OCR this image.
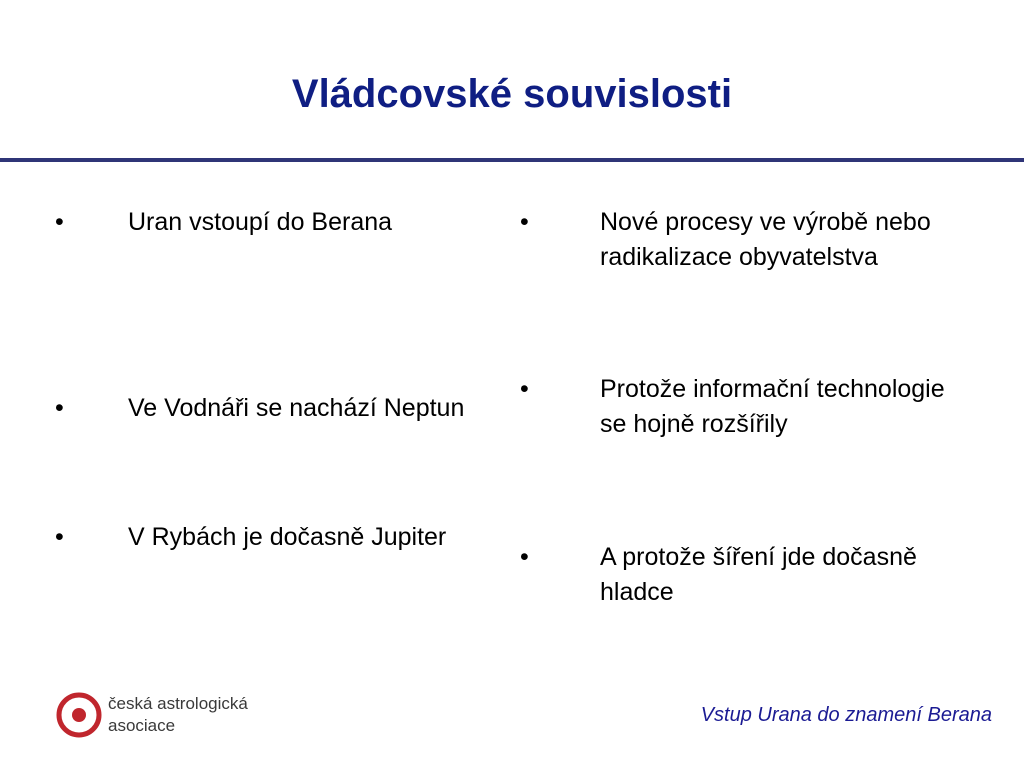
Vládcovské souvislosti
•	Uran vstoupí do Berana
•	Ve Vodnáři se nachází Neptun
•	V Rybách je dočasně Jupiter
•	Nové procesy ve výrobě nebo radikalizace obyvatelstva
•	Protože informační technologie se hojně rozšířily
•	A protože šíření jde dočasně hladce
česká astrologická
asociace	Vstup Urana do znamení Berana
